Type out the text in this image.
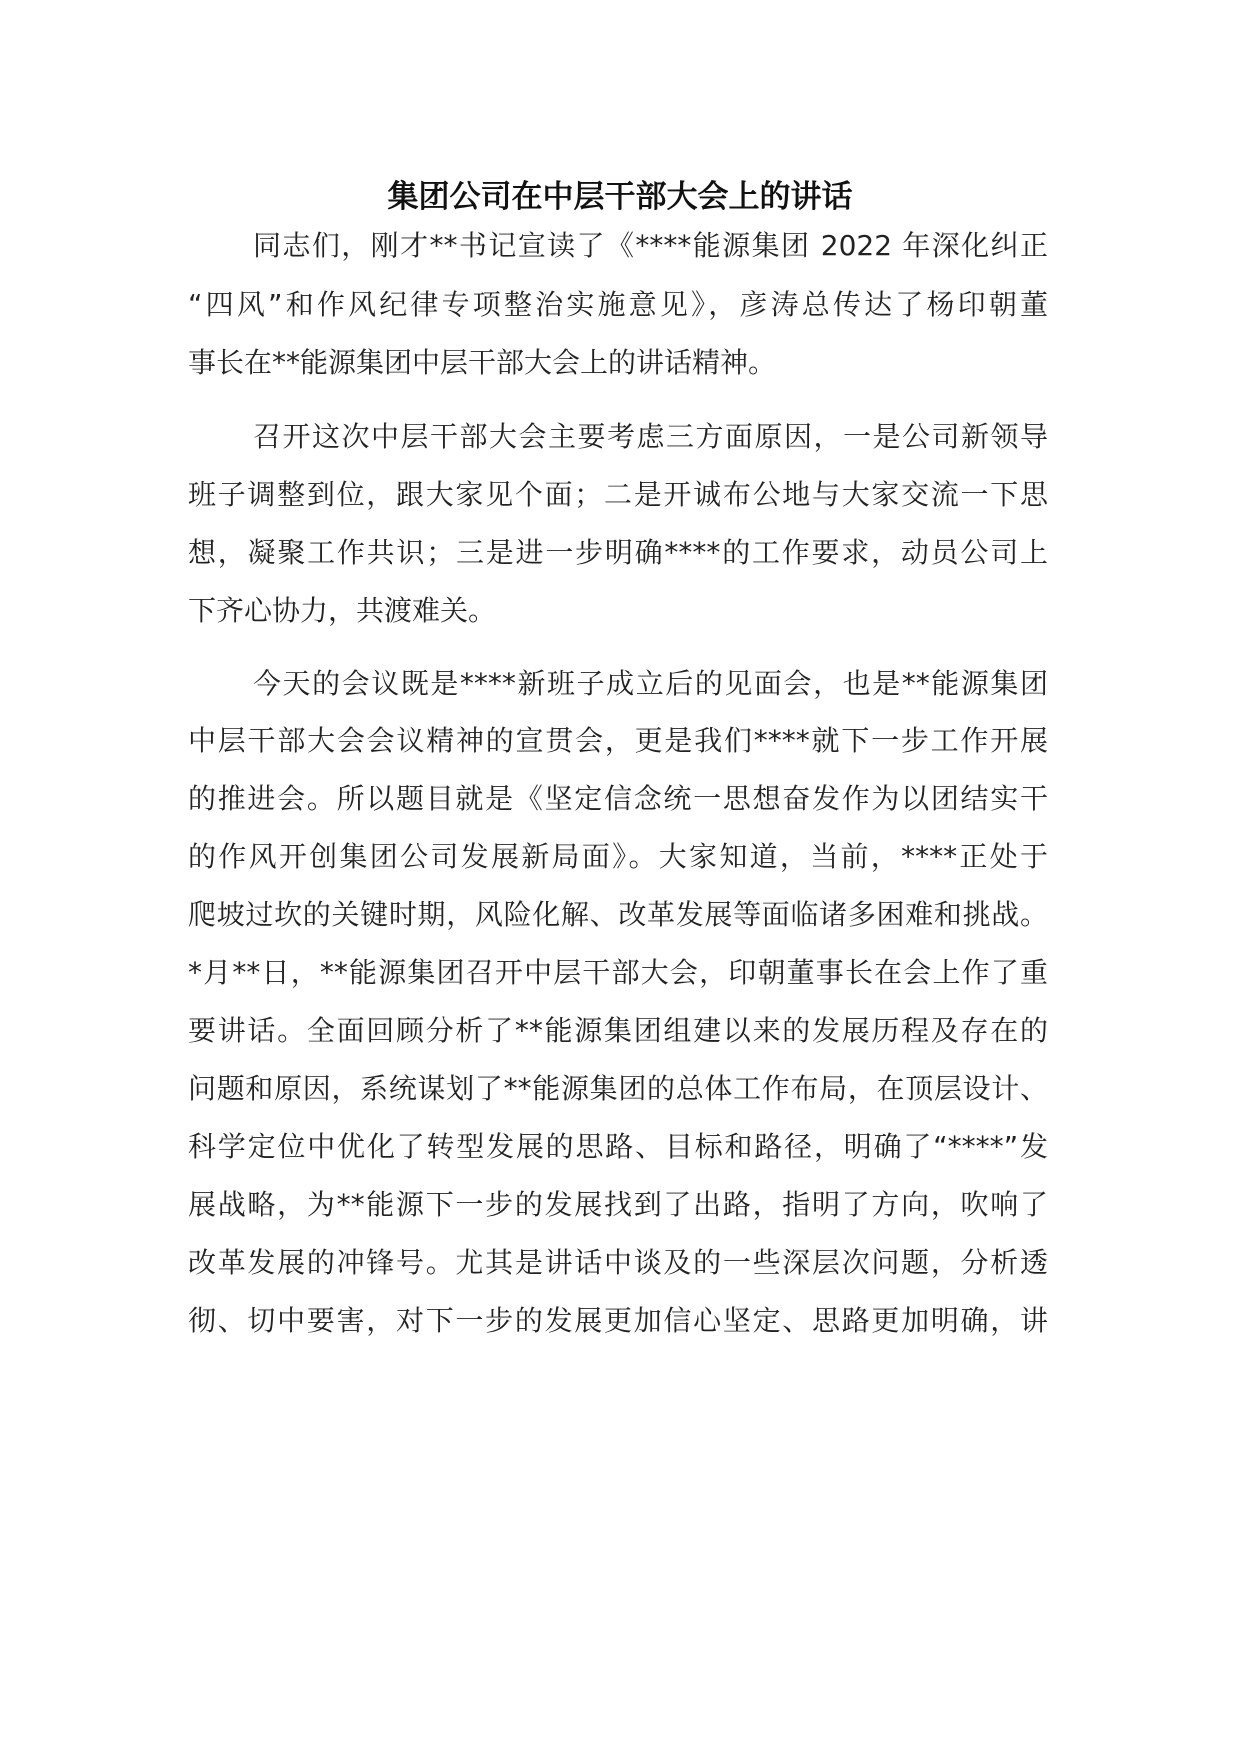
集团公司在中层干部大会上的讲话

同志们，刚才**书记宣读了《****能源集团 2022 年深化纠正

“四风”和作风纪律专项整治实施意见》，彦涛总传达了杨印朝董

事长在**能源集团中层干部大会上的讲话精神。

召开这次中层干部大会主要考虑三方面原因，一是公司新领导

班子调整到位，跟大家见个面；二是开诚布公地与大家交流一下思

想，凝聚工作共识；三是进一步明确****的工作要求，动员公司上

下齐心协力，共渡难关。

今天的会议既是****新班子成立后的见面会，也是**能源集团

中层干部大会会议精神的宣贯会，更是我们****就下一步工作开展

的推进会。所以题目就是《坚定信念统一思想奋发作为以团结实干

的作风开创集团公司发展新局面》。大家知道，当前，****正处于

爬坡过坎的关键时期，风险化解、改革发展等面临诸多困难和挑战。

*月**日，**能源集团召开中层干部大会，印朝董事长在会上作了重

要讲话。全面回顾分析了**能源集团组建以来的发展历程及存在的

问题和原因，系统谋划了**能源集团的总体工作布局，在顶层设计、

科学定位中优化了转型发展的思路、目标和路径，明确了“****”发

展战略，为**能源下一步的发展找到了出路，指明了方向，吹响了

改革发展的冲锋号。尤其是讲话中谈及的一些深层次问题，分析透

彻、切中要害，对下一步的发展更加信心坚定、思路更加明确，讲
